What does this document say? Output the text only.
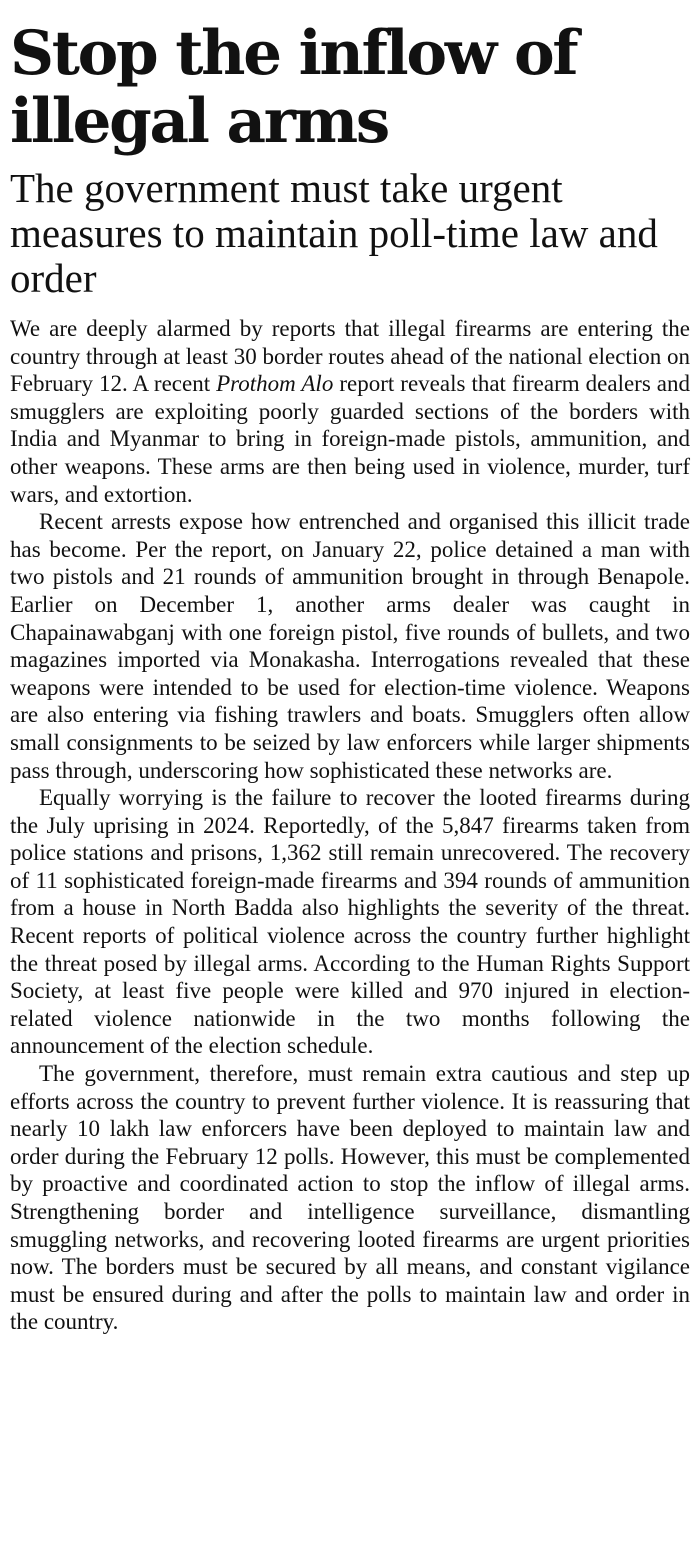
Stop the inflow of illegal arms
The government must take urgent measures to maintain poll-time law and order

We are deeply alarmed by reports that illegal firearms are entering the country through at least 30 border routes ahead of the national election on February 12. A recent Prothom Alo report reveals that firearm dealers and smugglers are exploiting poorly guarded sections of the borders with India and Myanmar to bring in foreign-made pistols, ammunition, and other weapons. These arms are then being used in violence, murder, turf wars, and extortion.

Recent arrests expose how entrenched and organised this illicit trade has become. Per the report, on January 22, police detained a man with two pistols and 21 rounds of ammunition brought in through Benapole. Earlier on December 1, another arms dealer was caught in Chapainawabganj with one foreign pistol, five rounds of bullets, and two magazines imported via Monakasha. Interrogations revealed that these weapons were intended to be used for election-time violence. Weapons are also entering via fishing trawlers and boats. Smugglers often allow small consignments to be seized by law enforcers while larger shipments pass through, underscoring how sophisticated these networks are.

Equally worrying is the failure to recover the looted firearms during the July uprising in 2024. Reportedly, of the 5,847 firearms taken from police stations and prisons, 1,362 still remain unrecovered. The recovery of 11 sophisticated foreign-made firearms and 394 rounds of ammunition from a house in North Badda also highlights the severity of the threat. Recent reports of political violence across the country further highlight the threat posed by illegal arms. According to the Human Rights Support Society, at least five people were killed and 970 injured in election-related violence nationwide in the two months following the announcement of the election schedule.

The government, therefore, must remain extra cautious and step up efforts across the country to prevent further violence. It is reassuring that nearly 10 lakh law enforcers have been deployed to maintain law and order during the February 12 polls. However, this must be complemented by proactive and coordinated action to stop the inflow of illegal arms. Strengthening border and intelligence surveillance, dismantling smuggling networks, and recovering looted firearms are urgent priorities now. The borders must be secured by all means, and constant vigilance must be ensured during and after the polls to maintain law and order in the country.
